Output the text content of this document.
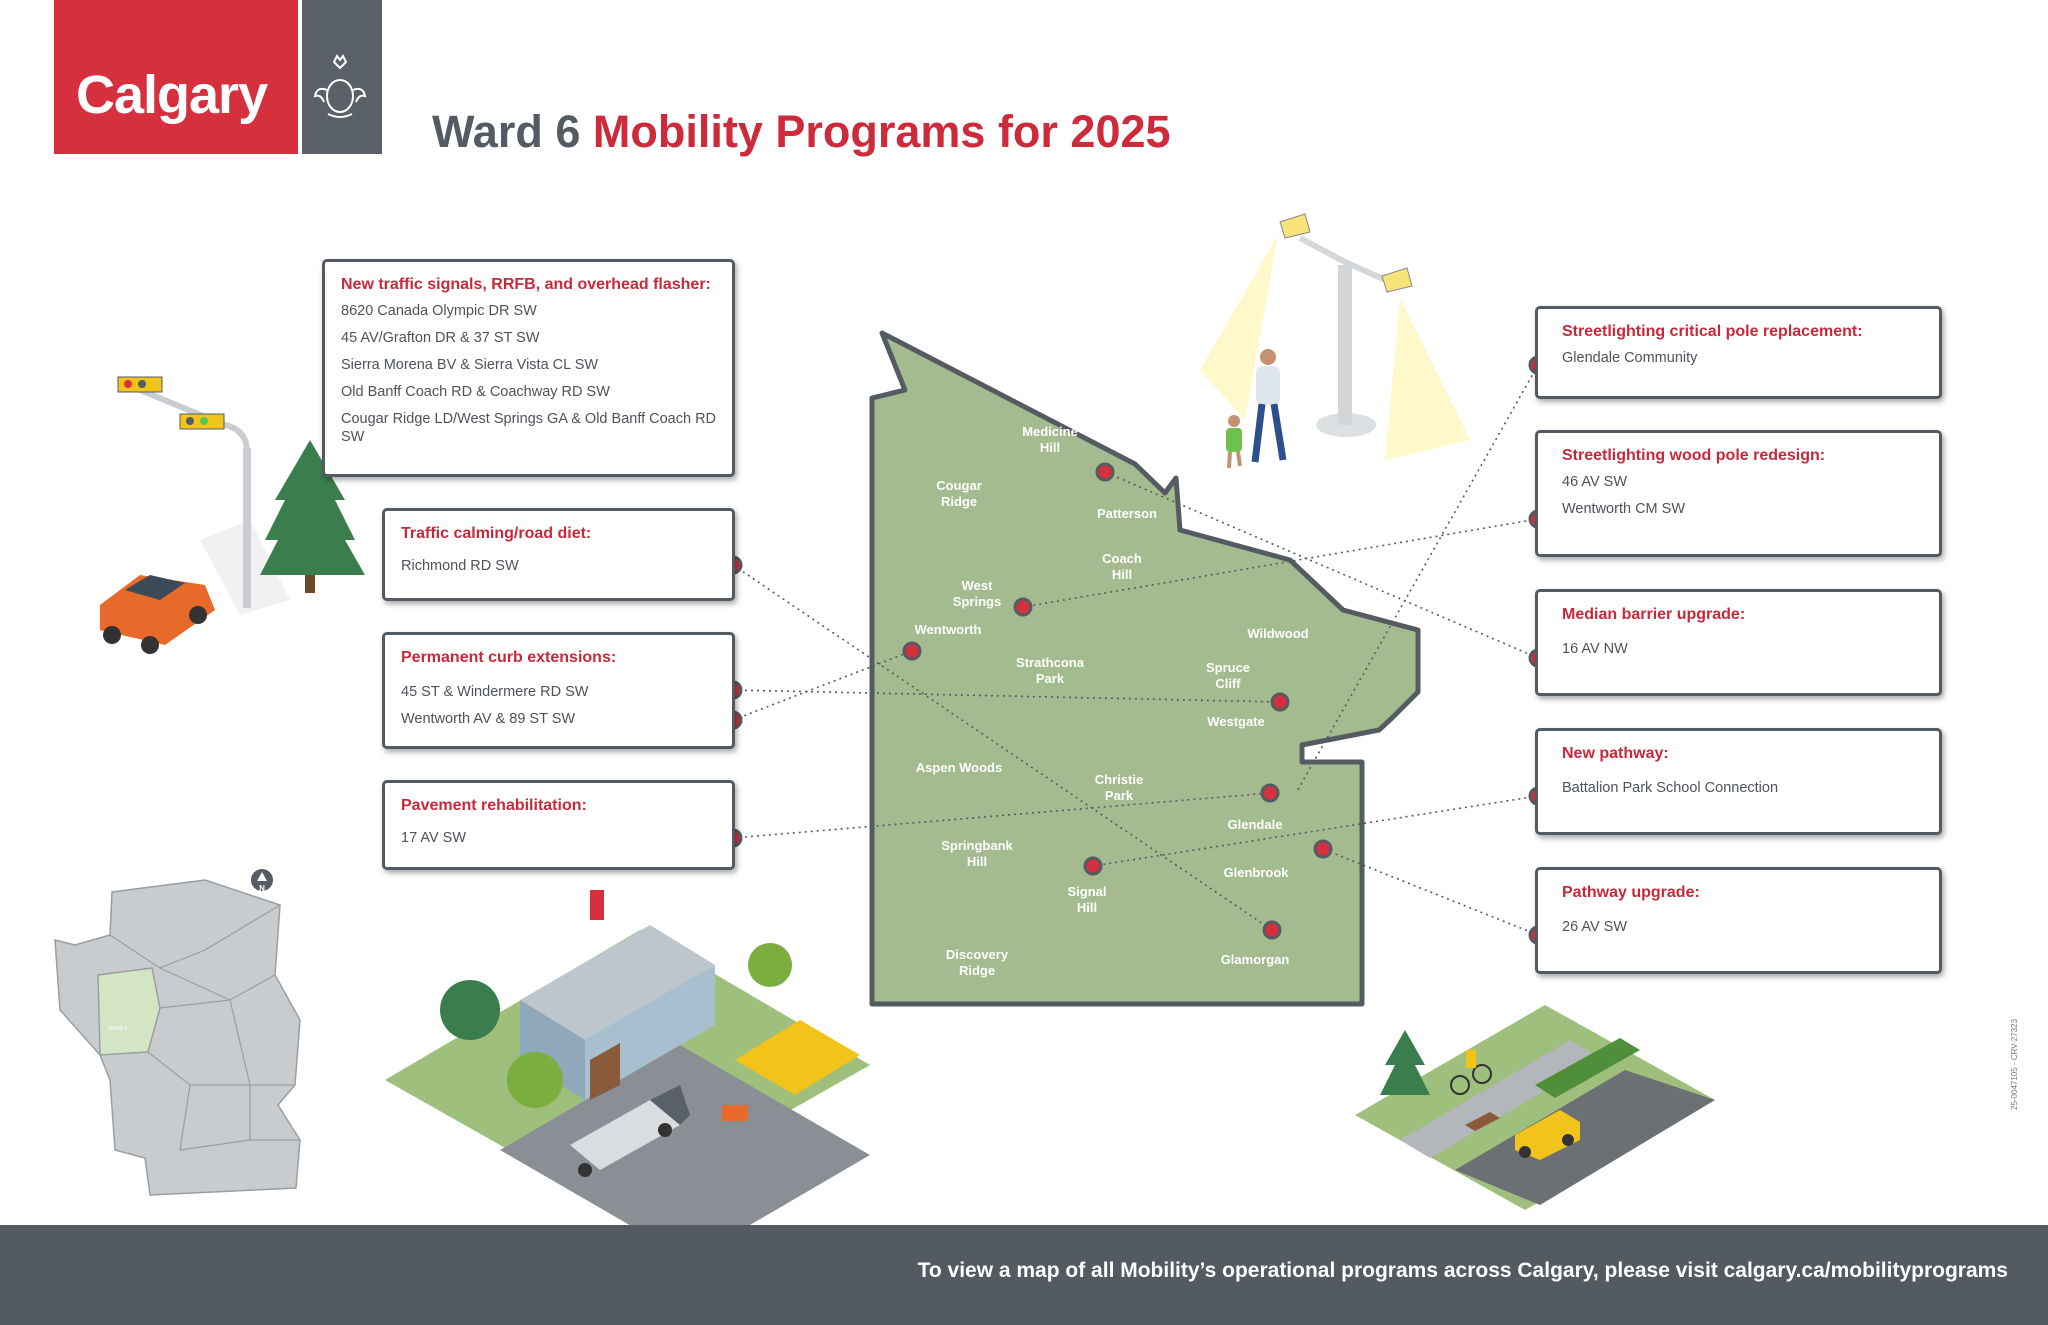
Calgary
Ward 6 Mobility Programs for 2025
Medicine Hill
Cougar Ridge
Patterson
Coach Hill
West Springs
Wentworth	Wildwood
Strathcona Park
Spruce Cliff
Westgate
Aspen Woods
Christie Park
Glendale
Springbank Hill
Signal Hill
Glenbrook
Discovery Ridge
Glamorgan
WARD 6
N
New traffic signals, RRFB, and overhead flasher:
8620 Canada Olympic DR SW
45 AV/Grafton DR & 37 ST SW
Sierra Morena BV & Sierra Vista CL SW
Old Banff Coach RD & Coachway RD SW
Cougar Ridge LD/West Springs GA & Old Banff Coach RD SW
Traffic calming/road diet:
Richmond RD SW
Permanent curb extensions:
45 ST & Windermere RD SW
Wentworth AV & 89 ST SW
Pavement rehabilitation:
17 AV SW
Streetlighting critical pole replacement:
Glendale Community
Streetlighting wood pole redesign:
46 AV SW
Wentworth CM SW
Median barrier upgrade:
16 AV NW
New pathway:
Battalion Park School Connection
Pathway upgrade:
26 AV SW
25-0047105 - CRV-27323
To view a map of all Mobility’s operational programs across Calgary, please visit calgary.ca/mobilityprograms
